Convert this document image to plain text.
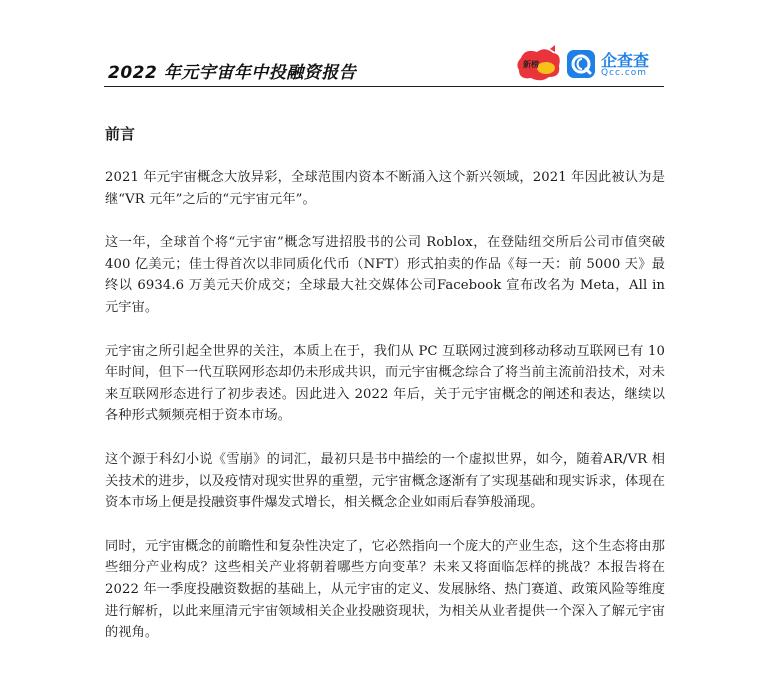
2022 年元宇宙年中投融资报告	新榜	企查查
Qcc.com
前言

2021 年元宇宙概念大放异彩，全球范围内资本不断涌入这个新兴领域，2021 年因此被认为是继“VR 元年”之后的“元宇宙元年”。

这一年，全球首个将“元宇宙”概念写进招股书的公司 Roblox，在登陆纽交所后公司市值突破 400 亿美元；佳士得首次以非同质化代币（NFT）形式拍卖的作品《每一天：前 5000 天》最终以 6934.6 万美元天价成交；全球最大社交媒体公司Facebook 宣布改名为 Meta，All in 元宇宙。

元宇宙之所引起全世界的关注，本质上在于，我们从 PC 互联网过渡到移动移动互联网已有 10 年时间，但下一代互联网形态却仍未形成共识，而元宇宙概念综合了将当前主流前沿技术，对未来互联网形态进行了初步表述。因此进入 2022 年后，关于元宇宙概念的阐述和表达，继续以各种形式频频亮相于资本市场。

这个源于科幻小说《雪崩》的词汇，最初只是书中描绘的一个虚拟世界，如今，随着AR/VR 相关技术的进步，以及疫情对现实世界的重塑，元宇宙概念逐渐有了实现基础和现实诉求，体现在资本市场上便是投融资事件爆发式增长，相关概念企业如雨后春笋般涌现。

同时，元宇宙概念的前瞻性和复杂性决定了，它必然指向一个庞大的产业生态，这个生态将由那些细分产业构成？这些相关产业将朝着哪些方向变革？未来又将面临怎样的挑战？本报告将在 2022 年一季度投融资数据的基础上，从元宇宙的定义、发展脉络、热门赛道、政策风险等维度进行解析，以此来厘清元宇宙领域相关企业投融资现状，为相关从业者提供一个深入了解元宇宙的视角。
